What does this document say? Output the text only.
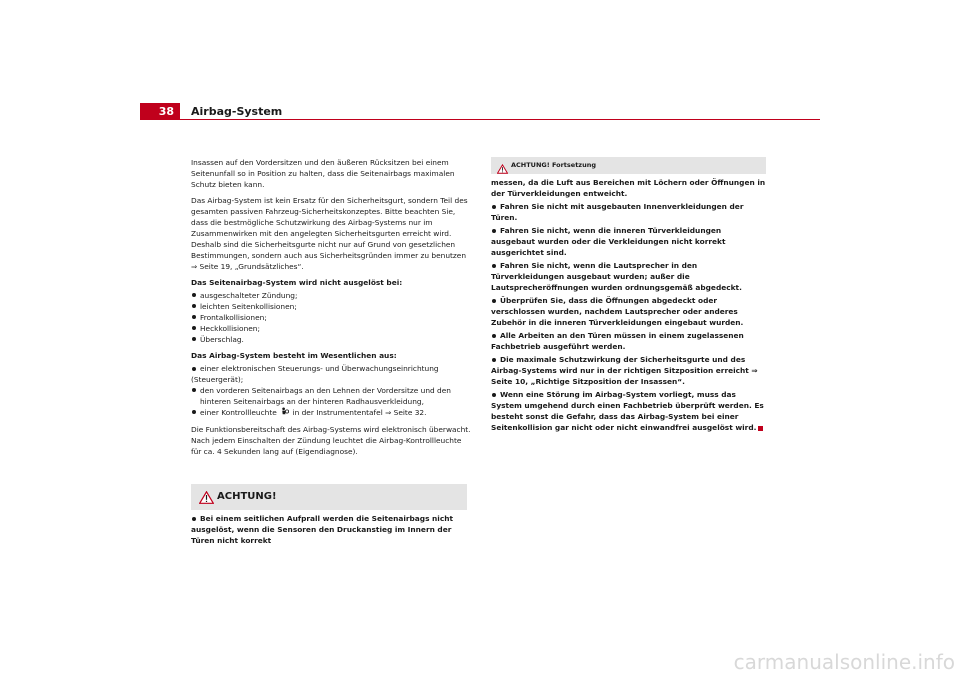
38	Airbag-System

Insassen auf den Vordersitzen und den äußeren Rücksitzen bei einem Seitenunfall so in Position zu halten, dass die Seitenairbags maximalen Schutz bieten kann.

Das Airbag-System ist kein Ersatz für den Sicherheitsgurt, sondern Teil des gesamten passiven Fahrzeug-Sicherheitskonzeptes. Bitte beachten Sie, dass die bestmögliche Schutzwirkung des Airbag-Systems nur im Zusammenwirken mit den angelegten Sicherheitsgurten erreicht wird. Deshalb sind die Sicherheitsgurte nicht nur auf Grund von gesetzlichen Bestimmungen, sondern auch aus Sicherheitsgründen immer zu benutzen ⇒ Seite 19, „Grundsätzliches“.

Das Seitenairbag-System wird nicht ausgelöst bei:

ausgeschalteter Zündung;
leichten Seitenkollisionen;
Frontalkollisionen;
Heckkollisionen;
Überschlag.

Das Airbag-System besteht im Wesentlichen aus:

einer elektronischen Steuerungs- und Überwachungseinrichtung (Steuergerät);
den vorderen Seitenairbags an den Lehnen der Vordersitze und den hinteren Seitenairbags an der hinteren Radhausverkleidung,
einer Kontrollleuchte in der Instrumententafel ⇒ Seite 32.

Die Funktionsbereitschaft des Airbag-Systems wird elektronisch überwacht. Nach jedem Einschalten der Zündung leuchtet die Airbag-Kontrollleuchte für ca. 4 Sekunden lang auf (Eigendiagnose).

ACHTUNG!
Bei einem seitlichen Aufprall werden die Seitenairbags nicht ausgelöst, wenn die Sensoren den Druckanstieg im Innern der Türen nicht korrekt
ACHTUNG! Fortsetzung

messen, da die Luft aus Bereichen mit Löchern oder Öffnungen in der Türverkleidungen entweicht.

Fahren Sie nicht mit ausgebauten Innenverkleidungen der Türen.

Fahren Sie nicht, wenn die inneren Türverkleidungen ausgebaut wurden oder die Verkleidungen nicht korrekt ausgerichtet sind.

Fahren Sie nicht, wenn die Lautsprecher in den Türverkleidungen ausgebaut wurden; außer die Lautsprecheröffnungen wurden ordnungsgemäß abgedeckt.

Überprüfen Sie, dass die Öffnungen abgedeckt oder verschlossen wurden, nachdem Lautsprecher oder anderes Zubehör in die inneren Türverkleidungen eingebaut wurden.

Alle Arbeiten an den Türen müssen in einem zugelassenen Fachbetrieb ausgeführt werden.

Die maximale Schutzwirkung der Sicherheitsgurte und des Airbag-Systems wird nur in der richtigen Sitzposition erreicht ⇒ Seite 10, „Richtige Sitzposition der Insassen“.

Wenn eine Störung im Airbag-System vorliegt, muss das System umgehend durch einen Fachbetrieb überprüft werden. Es besteht sonst die Gefahr, dass das Airbag-System bei einer Seitenkollision gar nicht oder nicht einwandfrei ausgelöst wird.

carmanualsonline.info
